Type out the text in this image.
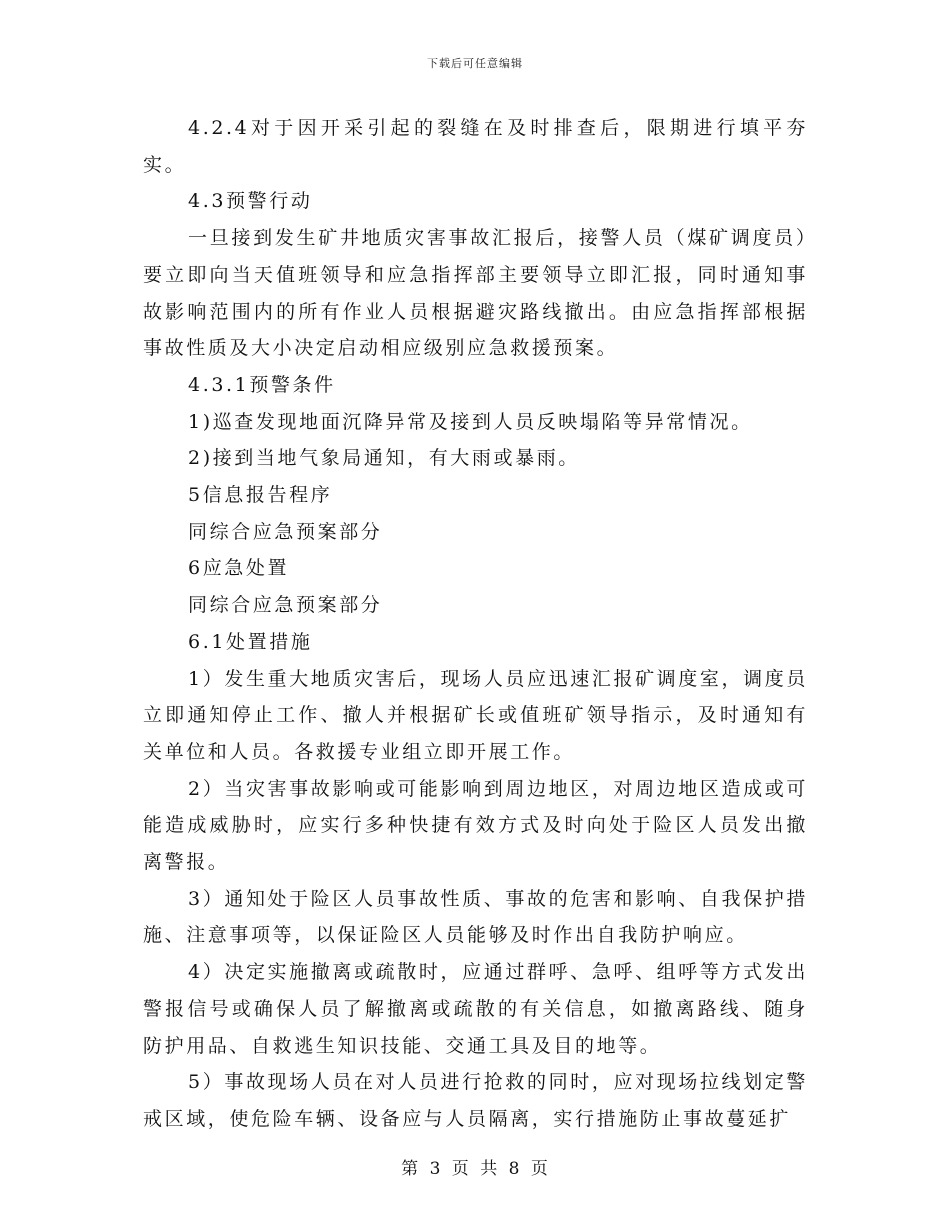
下载后可任意编辑

4.2.4对于因开采引起的裂缝在及时排查后，限期进行填平夯实。

4.3预警行动

一旦接到发生矿井地质灾害事故汇报后，接警人员（煤矿调度员）要立即向当天值班领导和应急指挥部主要领导立即汇报，同时通知事故影响范围内的所有作业人员根据避灾路线撤出。由应急指挥部根据事故性质及大小决定启动相应级别应急救援预案。

4.3.1预警条件

1)巡查发现地面沉降异常及接到人员反映塌陷等异常情况。

2)接到当地气象局通知，有大雨或暴雨。

5信息报告程序

同综合应急预案部分

6应急处置

同综合应急预案部分

6.1处置措施

1）发生重大地质灾害后，现场人员应迅速汇报矿调度室，调度员立即通知停止工作、撤人并根据矿长或值班矿领导指示，及时通知有关单位和人员。各救援专业组立即开展工作。

2）当灾害事故影响或可能影响到周边地区，对周边地区造成或可能造成威胁时，应实行多种快捷有效方式及时向处于险区人员发出撤离警报。

3）通知处于险区人员事故性质、事故的危害和影响、自我保护措施、注意事项等，以保证险区人员能够及时作出自我防护响应。

4）决定实施撤离或疏散时，应通过群呼、急呼、组呼等方式发出警报信号或确保人员了解撤离或疏散的有关信息，如撤离路线、随身防护用品、自救逃生知识技能、交通工具及目的地等。

5）事故现场人员在对人员进行抢救的同时，应对现场拉线划定警戒区域，使危险车辆、设备应与人员隔离，实行措施防止事故蔓延扩

第 3 页 共 8 页
